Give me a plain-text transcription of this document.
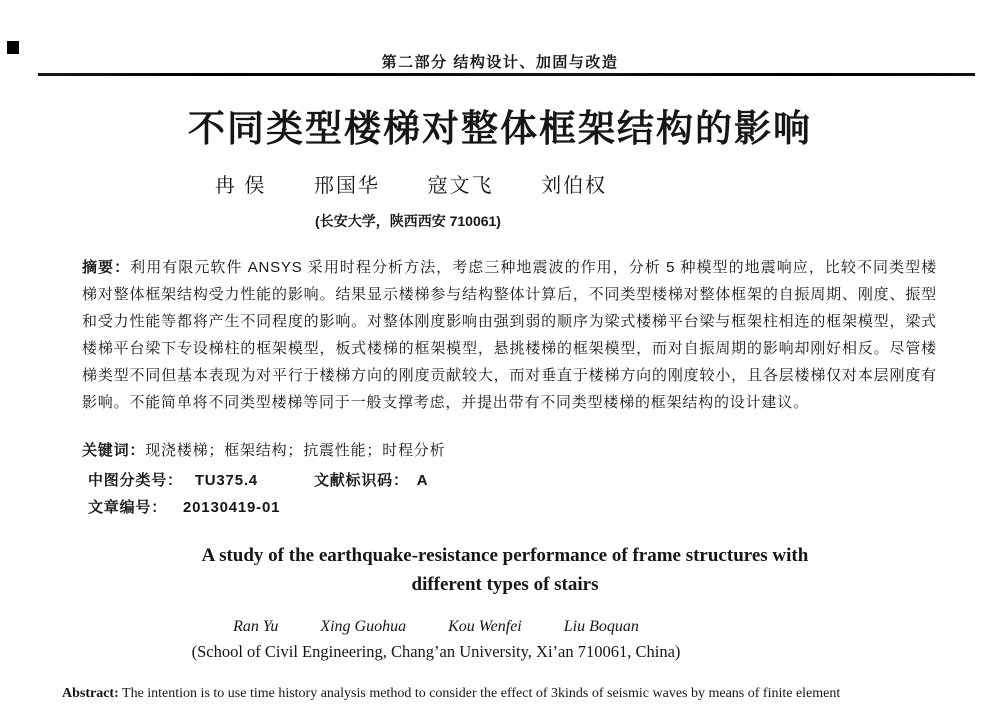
第二部分 结构设计、加固与改造
不同类型楼梯对整体框架结构的影响
冉 俣 邢国华 寇文飞 刘伯权
(长安大学，陕西西安 710061)

摘要：利用有限元软件 ANSYS 采用时程分析方法，考虑三种地震波的作用，分析 5 种模型的地震响应，比较不同类型楼梯对整体框架结构受力性能的影响。结果显示楼梯参与结构整体计算后，不同类型楼梯对整体框架的自振周期、刚度、振型和受力性能等都将产生不同程度的影响。对整体刚度影响由强到弱的顺序为梁式楼梯平台梁与框架柱相连的框架模型，梁式楼梯平台梁下专设梯柱的框架模型，板式楼梯的框架模型，悬挑楼梯的框架模型，而对自振周期的影响却刚好相反。尽管楼梯类型不同但基本表现为对平行于楼梯方向的刚度贡献较大，而对垂直于楼梯方向的刚度较小，且各层楼梯仅对本层刚度有影响。不能简单将不同类型楼梯等同于一般支撑考虑，并提出带有不同类型楼梯的框架结构的设计建议。

关键词：现浇楼梯；框架结构；抗震性能；时程分析
中图分类号： TU375.4	文献标识码： A
文章编号： 20130419-01
A study of the earthquake-resistance performance of frame structures with
different types of stairs
Ran Yu	Xing Guohua	Kou Wenfei	Liu Boquan
(School of Civil Engineering, Chang’an University, Xi’an 710061, China)

Abstract: The intention is to use time history analysis method to consider the effect of 3kinds of seismic waves by means of finite element
